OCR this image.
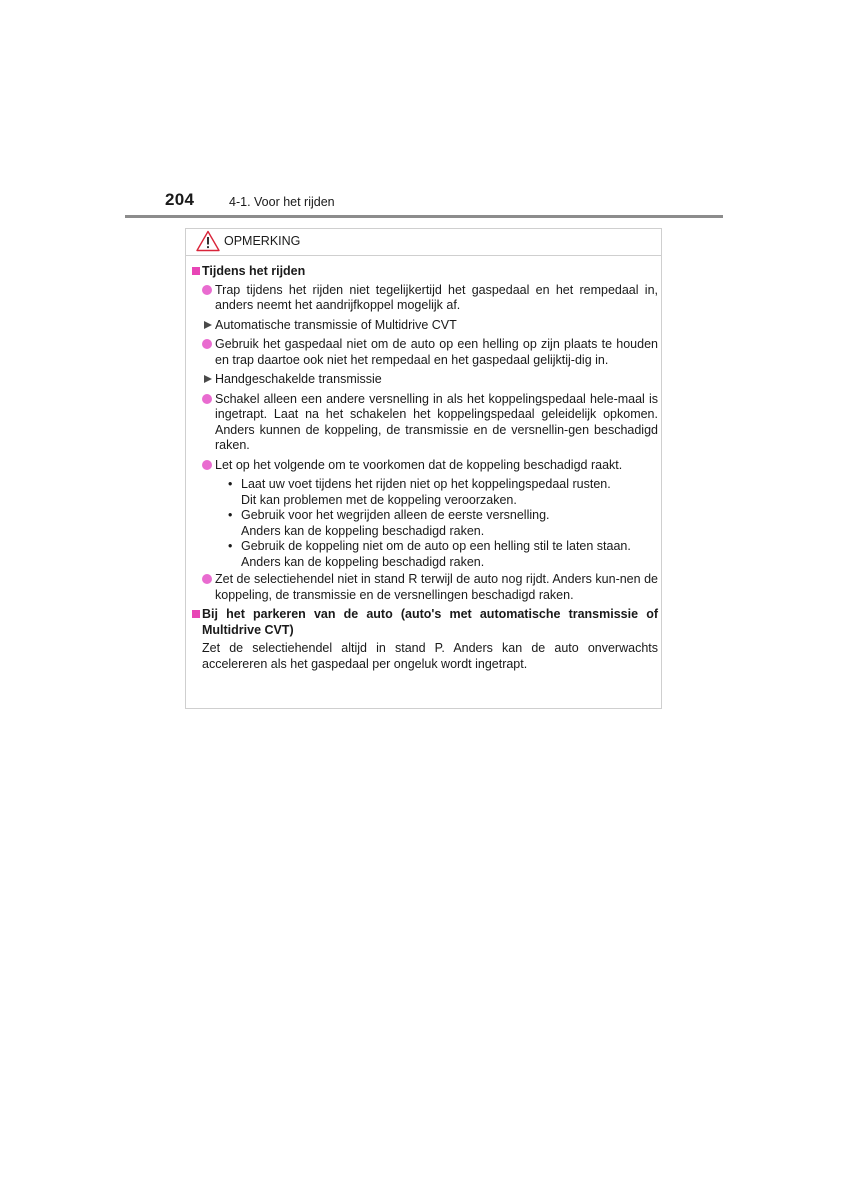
204	4-1. Voor het rijden
OPMERKING
Tijdens het rijden
Trap tijdens het rijden niet tegelijkertijd het gaspedaal en het rempedaal in, anders neemt het aandrijfkoppel mogelijk af.
Automatische transmissie of Multidrive CVT
Gebruik het gaspedaal niet om de auto op een helling op zijn plaats te houden en trap daartoe ook niet het rempedaal en het gaspedaal gelijktij-dig in.
Handgeschakelde transmissie
Schakel alleen een andere versnelling in als het koppelingspedaal hele-maal is ingetrapt. Laat na het schakelen het koppelingspedaal geleidelijk opkomen. Anders kunnen de koppeling, de transmissie en de versnellin-gen beschadigd raken.
Let op het volgende om te voorkomen dat de koppeling beschadigd raakt.
• Laat uw voet tijdens het rijden niet op het koppelingspedaal rusten.
Dit kan problemen met de koppeling veroorzaken.
• Gebruik voor het wegrijden alleen de eerste versnelling.
Anders kan de koppeling beschadigd raken.
• Gebruik de koppeling niet om de auto op een helling stil te laten staan.
Anders kan de koppeling beschadigd raken.
Zet de selectiehendel niet in stand R terwijl de auto nog rijdt. Anders kun-nen de koppeling, de transmissie en de versnellingen beschadigd raken.
Bij het parkeren van de auto (auto's met automatische transmissie of Multidrive CVT)
Zet de selectiehendel altijd in stand P. Anders kan de auto onverwachts accelereren als het gaspedaal per ongeluk wordt ingetrapt.
